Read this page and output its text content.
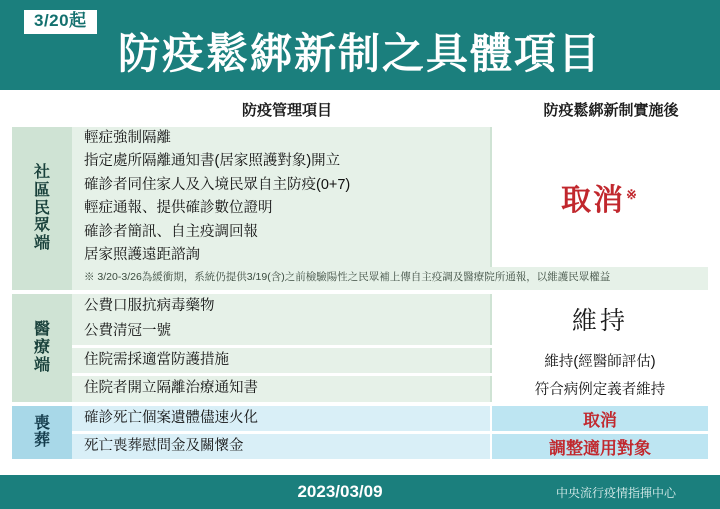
3/20起
防疫鬆綁新制之具體項目
防疫管理項目	防疫鬆綁新制實施後
社區民眾端
輕症強制隔離
指定處所隔離通知書(居家照護對象)開立
確診者同住家人及入境民眾自主防疫(0+7)
輕症通報、提供確診數位證明
確診者簡訊、自主疫調回報
居家照護遠距諮詢
取消※
※ 3/20-3/26為緩衝期，系統仍提供3/19(含)之前檢驗陽性之民眾補上傳自主疫調及醫療院所通報，以維護民眾權益
醫療端
公費口服抗病毒藥物
公費清冠一號	維持
住院需採適當防護措施	維持(經醫師評估)
住院者開立隔離治療通知書	符合病例定義者維持
喪葬
確診死亡個案遺體儘速火化	取消
死亡喪葬慰問金及關懷金	調整適用對象
2023/03/09	中央流行疫情指揮中心
